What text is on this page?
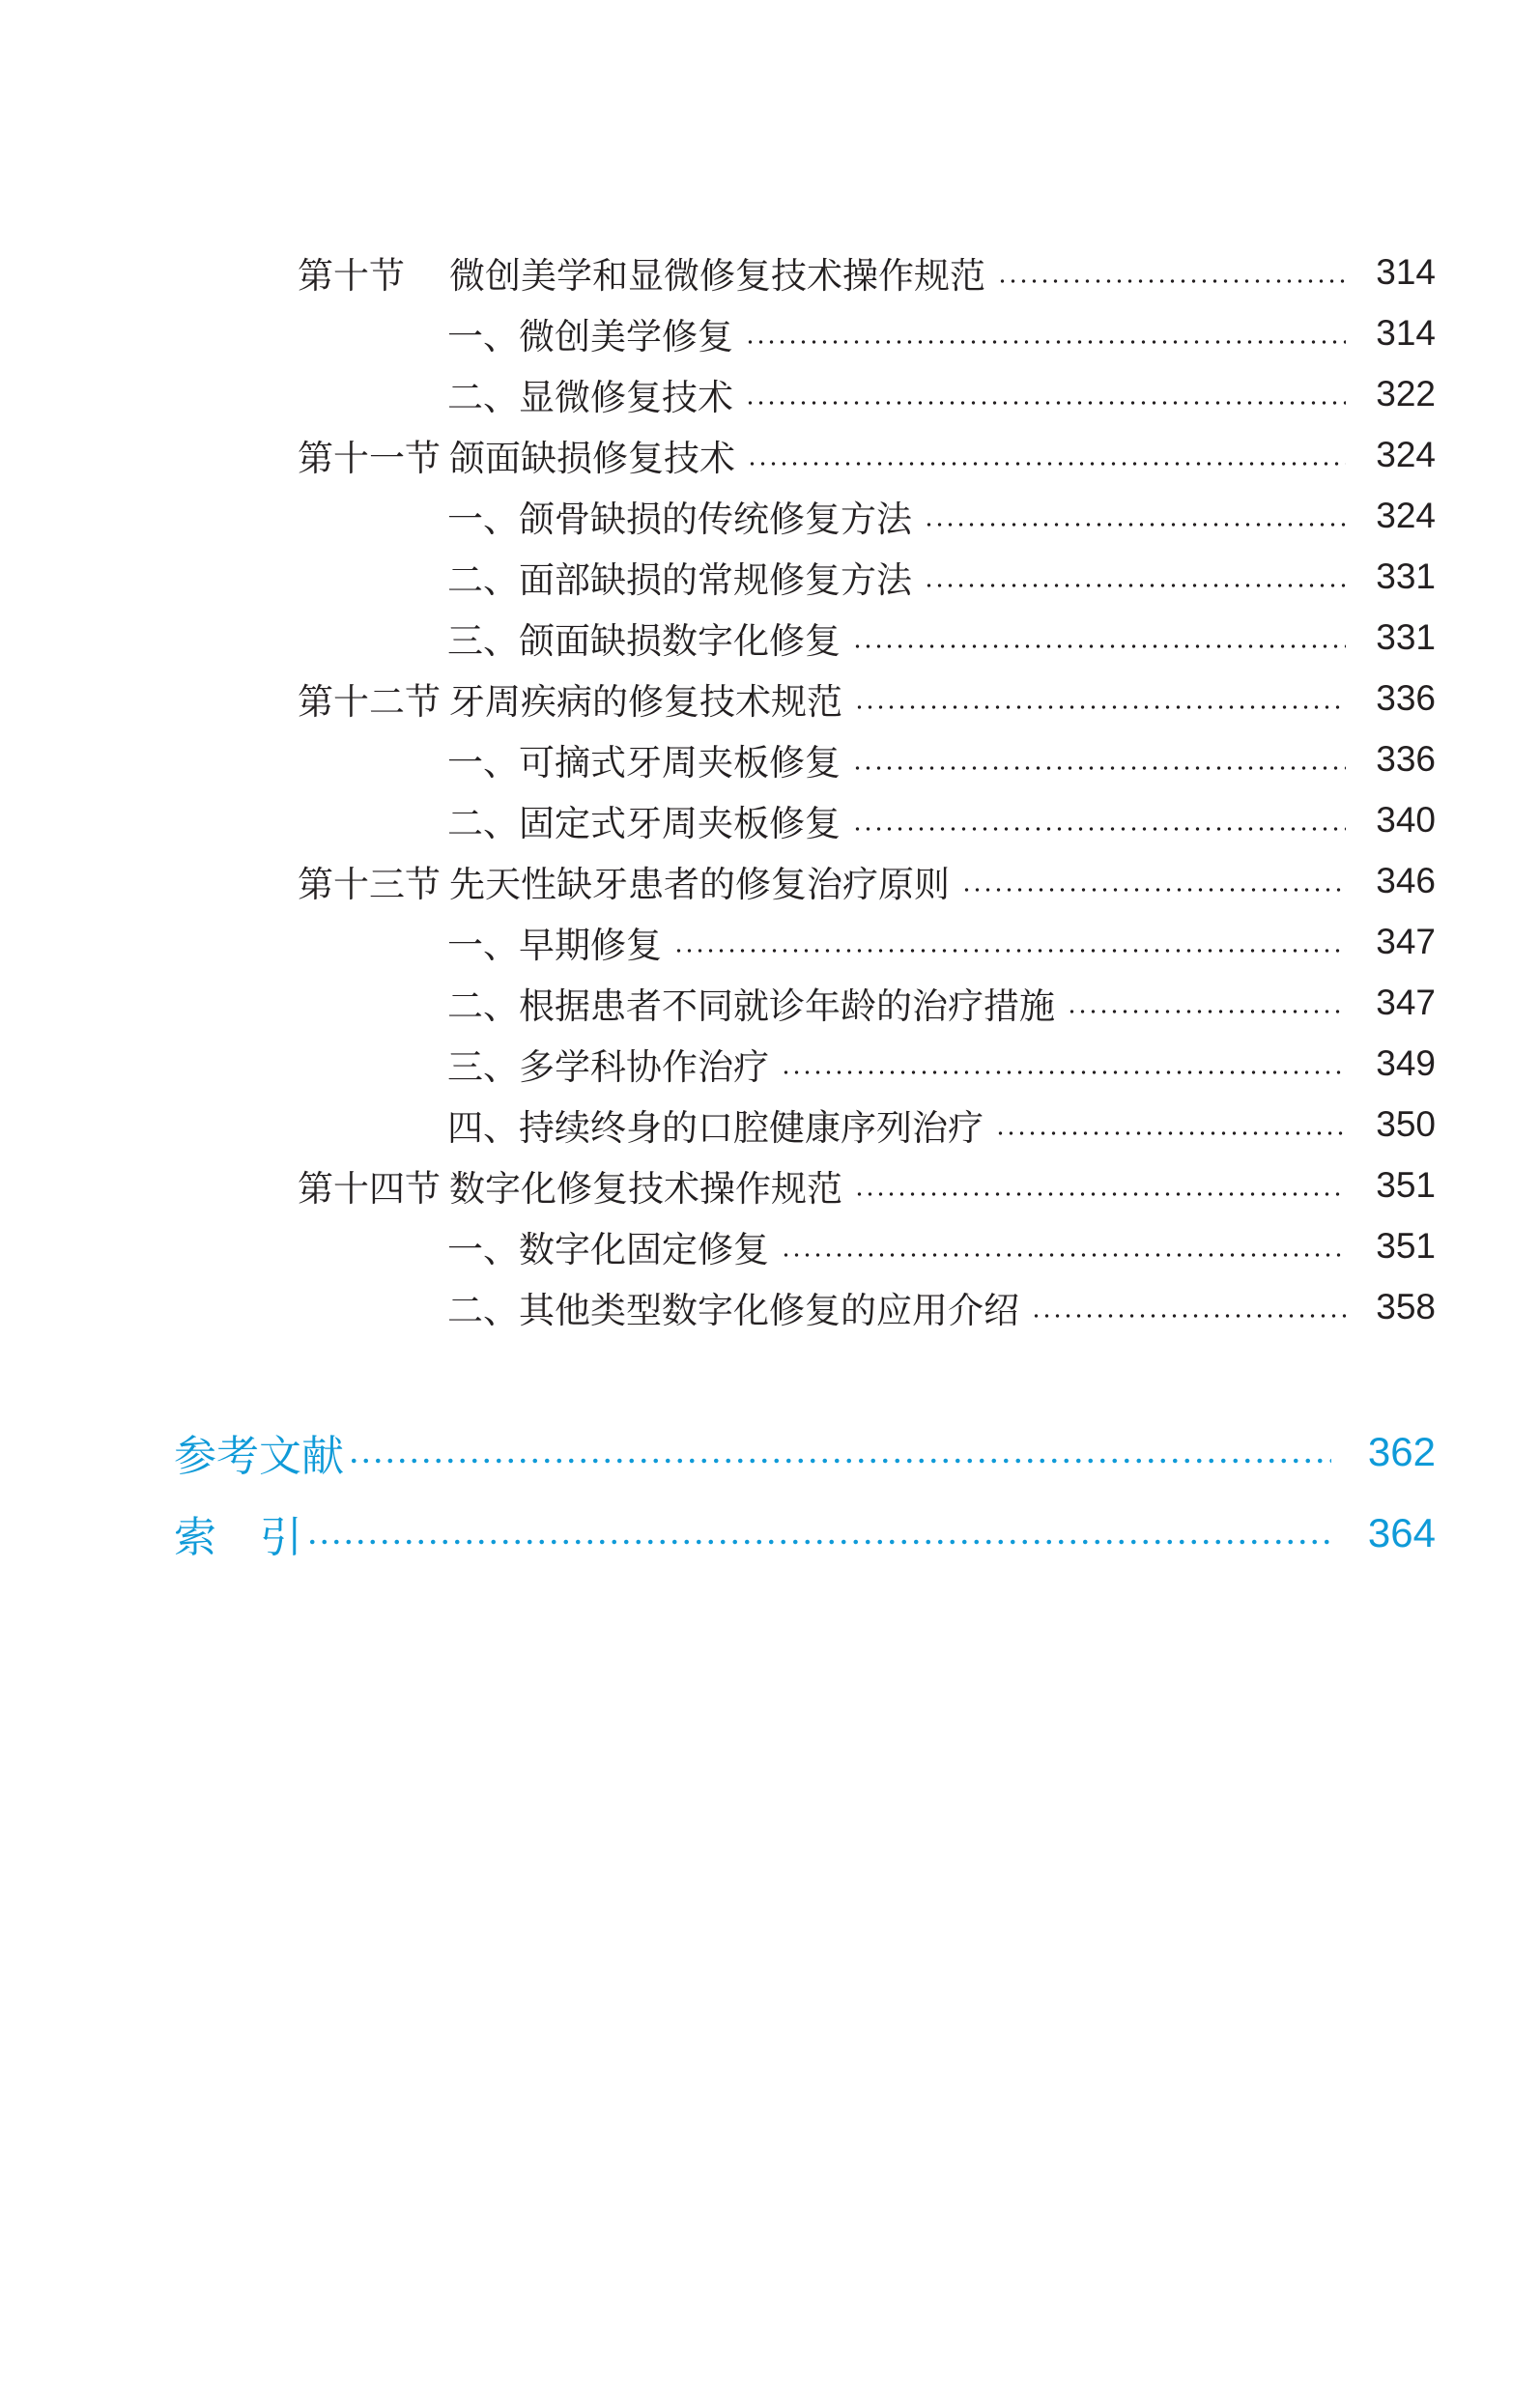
第十节 微创美学和显微修复技术操作规范	314
一、微创美学修复	314
二、显微修复技术	322
第十一节 颌面缺损修复技术	324
一、颌骨缺损的传统修复方法	324
二、面部缺损的常规修复方法	331
三、颌面缺损数字化修复	331
第十二节 牙周疾病的修复技术规范	336
一、可摘式牙周夹板修复	336
二、固定式牙周夹板修复	340
第十三节 先天性缺牙患者的修复治疗原则	346
一、早期修复	347
二、根据患者不同就诊年龄的治疗措施	347
三、多学科协作治疗	349
四、持续终身的口腔健康序列治疗	350
第十四节 数字化修复技术操作规范	351
一、数字化固定修复	351
二、其他类型数字化修复的应用介绍	358
参考文献	362
索 引	364
